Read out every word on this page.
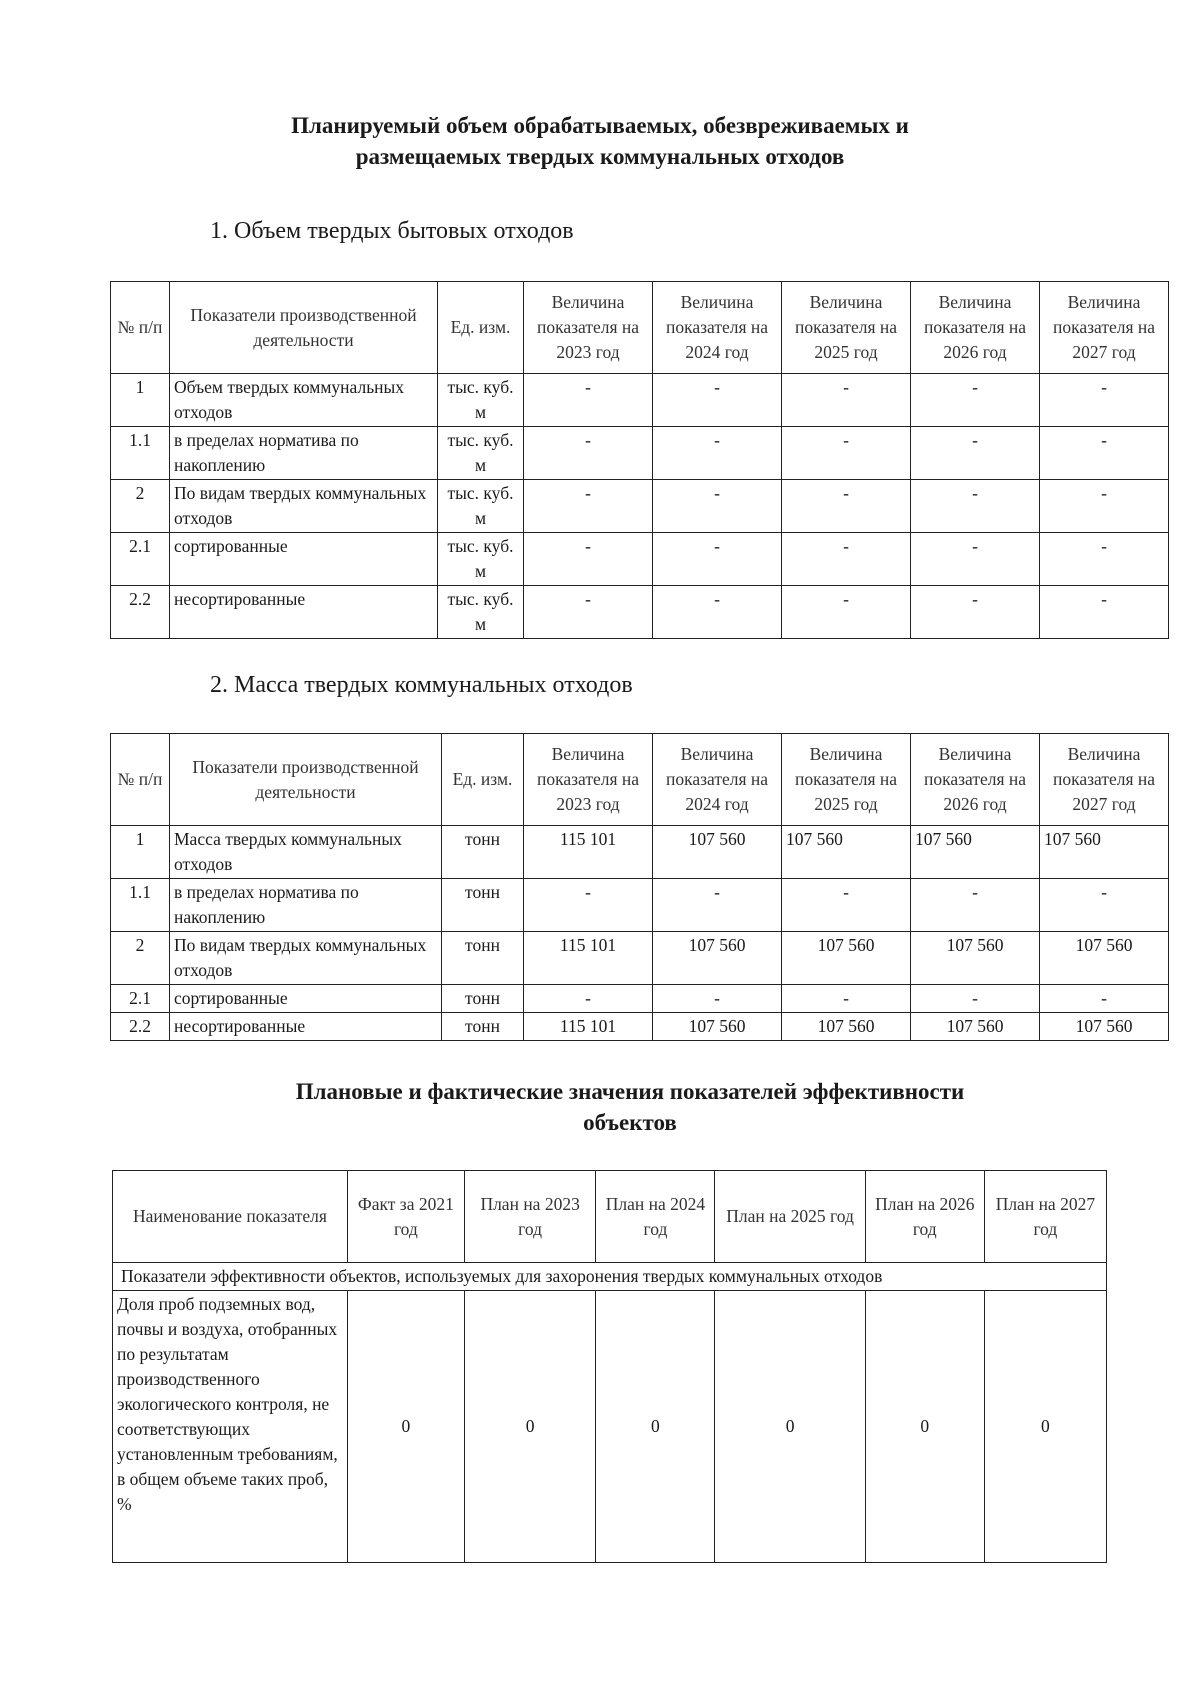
Планируемый объем обрабатываемых, обезвреживаемых и
размещаемых твердых коммунальных отходов
1. Объем твердых бытовых отходов
№ п/п	Показатели производственной деятельности	Ед. изм.	Величина показателя на 2023 год	Величина показателя на 2024 год	Величина показателя на 2025 год	Величина показателя на 2026 год	Величина показателя на 2027 год
1	Объем твердых коммунальных отходов	тыс. куб. м	-	-	-	-	-
1.1	в пределах норматива по накоплению	тыс. куб. м	-	-	-	-	-
2	По видам твердых коммунальных отходов	тыс. куб. м	-	-	-	-	-
2.1	сортированные	тыс. куб. м	-	-	-	-	-
2.2	несортированные	тыс. куб. м	-	-	-	-	-
2. Масса твердых коммунальных отходов
№ п/п	Показатели производственной деятельности	Ед. изм.	Величина показателя на 2023 год	Величина показателя на 2024 год	Величина показателя на 2025 год	Величина показателя на 2026 год	Величина показателя на 2027 год
1	Масса твердых коммунальных отходов	тонн	115 101	107 560	107 560	107 560	107 560
1.1	в пределах норматива по накоплению	тонн	-	-	-	-	-
2	По видам твердых коммунальных отходов	тонн	115 101	107 560	107 560	107 560	107 560
2.1	сортированные	тонн	-	-	-	-	-
2.2	несортированные	тонн	115 101	107 560	107 560	107 560	107 560
Плановые и фактические значения показателей эффективности
объектов
Наименование показателя	Факт за 2021 год	План на 2023 год	План на 2024 год	План на 2025 год	План на 2026 год	План на 2027 год
Показатели эффективности объектов, используемых для захоронения твердых коммунальных отходов						
Доля проб подземных вод, почвы и воздуха, отобранных по результатам производственного экологического контроля, не соответствующих установленным требованиям, в общем объеме таких проб, %	0	0	0	0	0	0
